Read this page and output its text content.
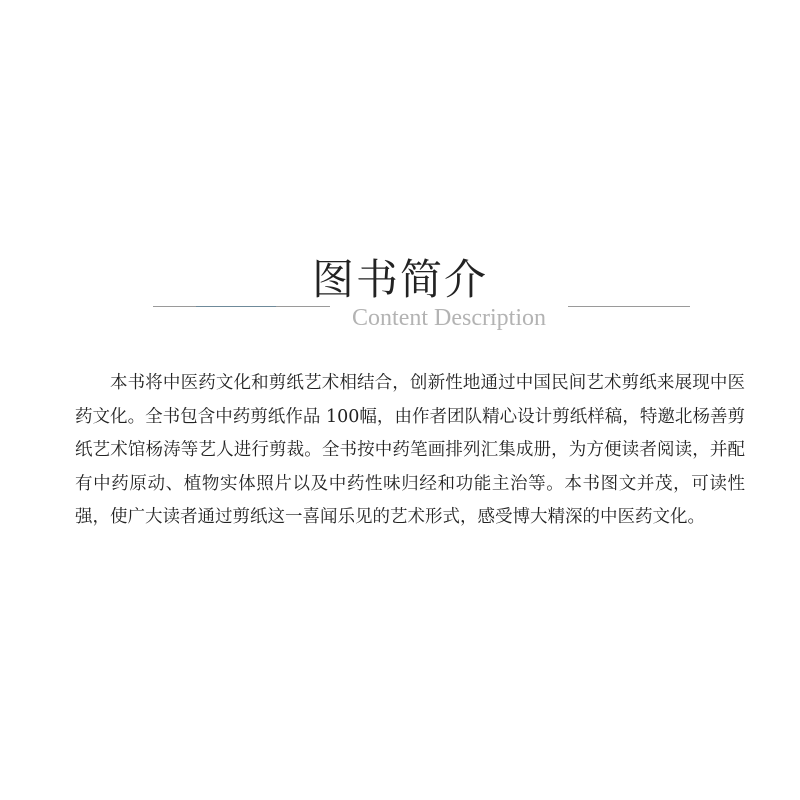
图书简介
Content Description

本书将中医药文化和剪纸艺术相结合，创新性地通过中国民间艺术剪纸来展现中医药文化。全书包含中药剪纸作品 100幅，由作者团队精心设计剪纸样稿，特邀北杨善剪纸艺术馆杨涛等艺人进行剪裁。全书按中药笔画排列汇集成册，为方便读者阅读，并配有中药原动、植物实体照片以及中药性味归经和功能主治等。本书图文并茂，可读性强，使广大读者通过剪纸这一喜闻乐见的艺术形式，感受博大精深的中医药文化。
